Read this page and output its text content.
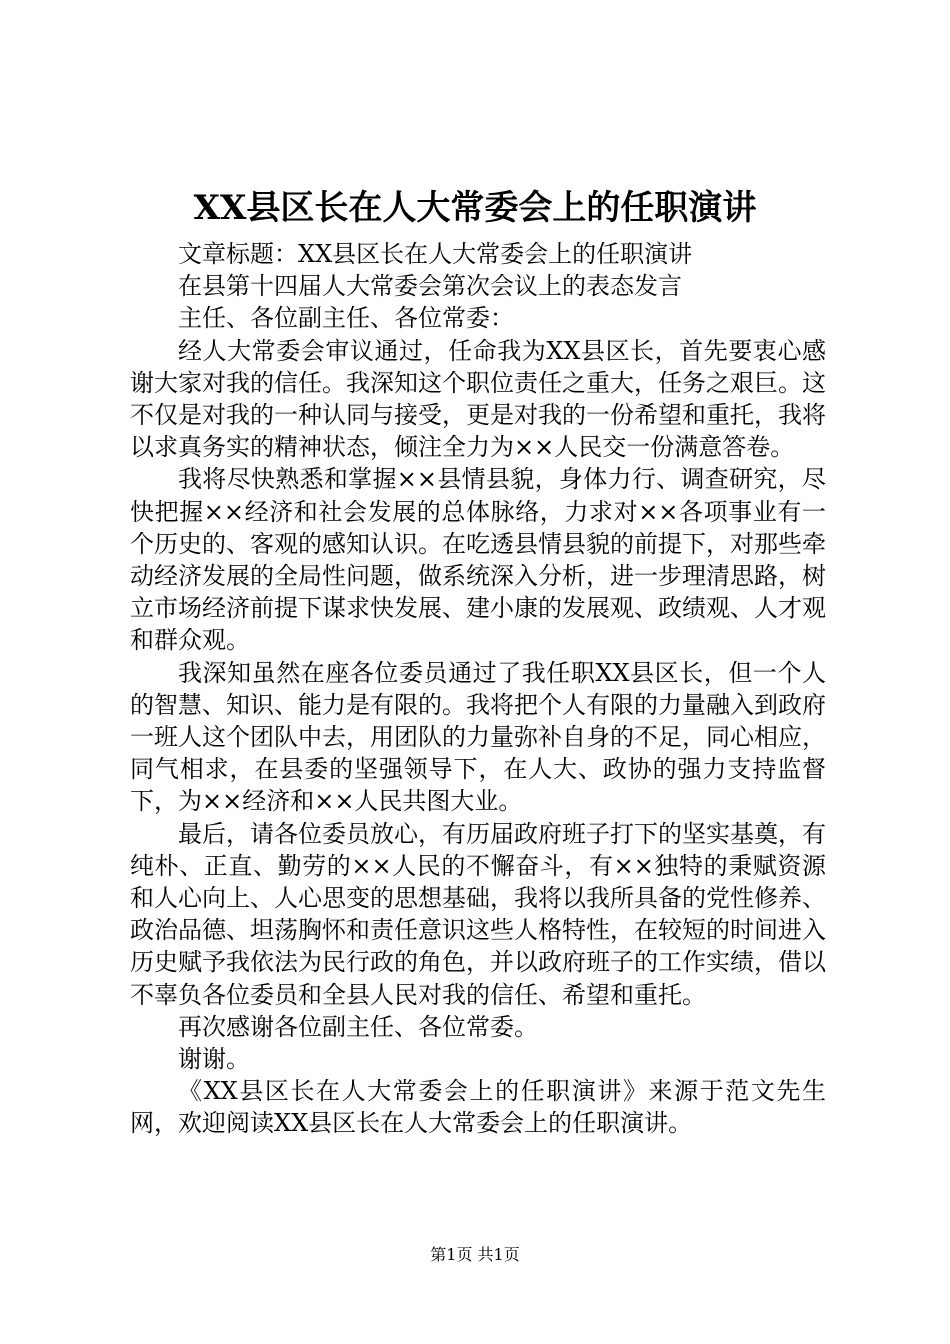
XX县区长在人大常委会上的任职演讲

文章标题：XX县区长在人大常委会上的任职演讲

在县第十四届人大常委会第次会议上的表态发言

主任、各位副主任、各位常委：

经人大常委会审议通过，任命我为XX县区长，首先要衷心感谢大家对我的信任。我深知这个职位责任之重大，任务之艰巨。这不仅是对我的一种认同与接受，更是对我的一份希望和重托，我将以求真务实的精神状态，倾注全力为××人民交一份满意答卷。

我将尽快熟悉和掌握××县情县貌，身体力行、调查研究，尽快把握××经济和社会发展的总体脉络，力求对××各项事业有一个历史的、客观的感知认识。在吃透县情县貌的前提下，对那些牵动经济发展的全局性问题，做系统深入分析，进一步理清思路，树立市场经济前提下谋求快发展、建小康的发展观、政绩观、人才观和群众观。

我深知虽然在座各位委员通过了我任职XX县区长，但一个人的智慧、知识、能力是有限的。我将把个人有限的力量融入到政府一班人这个团队中去，用团队的力量弥补自身的不足，同心相应，同气相求，在县委的坚强领导下，在人大、政协的强力支持监督下，为××经济和××人民共图大业。

最后，请各位委员放心，有历届政府班子打下的坚实基奠，有纯朴、正直、勤劳的××人民的不懈奋斗，有××独特的秉赋资源和人心向上、人心思变的思想基础，我将以我所具备的党性修养、政治品德、坦荡胸怀和责任意识这些人格特性，在较短的时间进入历史赋予我依法为民行政的角色，并以政府班子的工作实绩，借以不辜负各位委员和全县人民对我的信任、希望和重托。

再次感谢各位副主任、各位常委。

谢谢。

《XX县区长在人大常委会上的任职演讲》来源于范文先生网，欢迎阅读XX县区长在人大常委会上的任职演讲。

第1页 共1页
